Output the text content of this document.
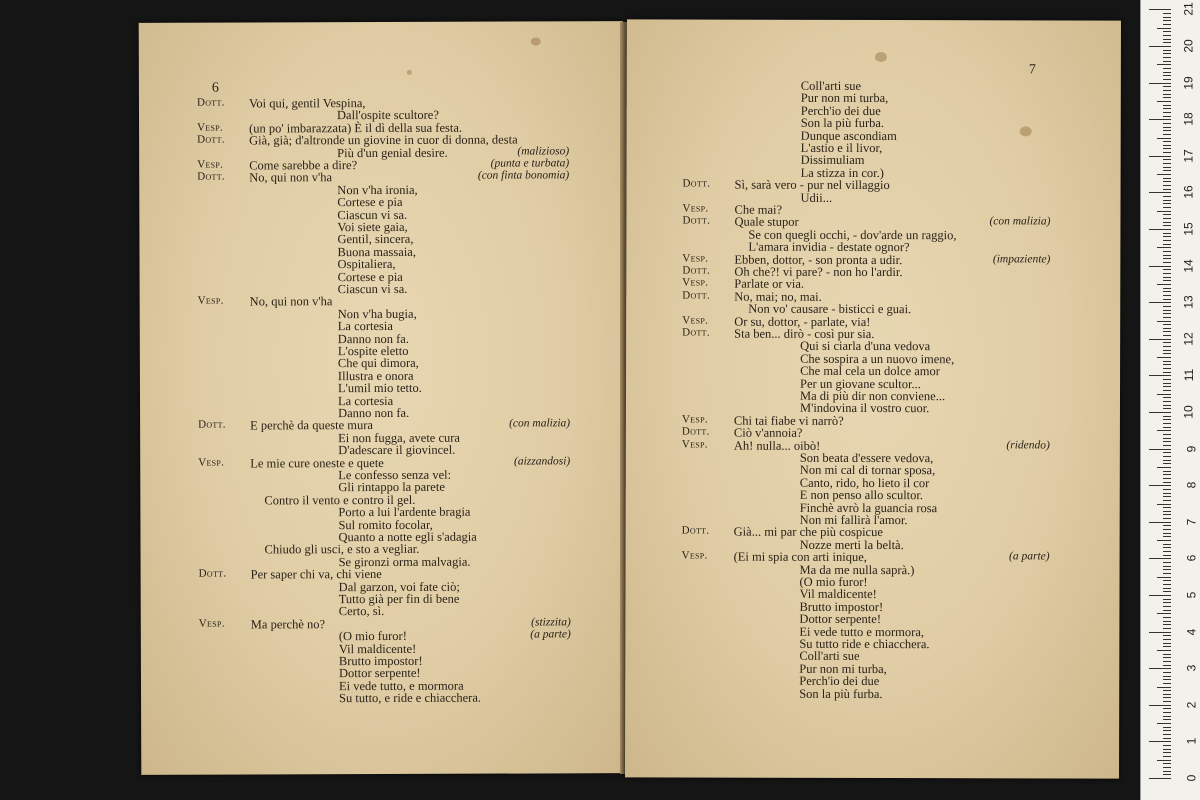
6
Dott. Voi qui, gentil Vespina,
Dall'ospite scultore?
Vesp. (un po' imbarazzata) È il dì della sua festa.
Dott. Già, già; d'altronde un giovine in cuor di donna, desta
Più d'un genial desire.	(malizioso)
Vesp. Come sarebbe a dire?	(punta e turbata)
Dott. No, qui non v'ha	(con finta bonomia)
Non v'ha ironia,
Cortese e pia
Ciascun vi sa.
Voi siete gaia,
Gentil, sincera,
Buona massaia,
Ospitaliera,
Cortese e pia
Ciascun vi sa.
Vesp. No, qui non v'ha
Non v'ha bugia,
La cortesia
Danno non fa.
L'ospite eletto
Che qui dimora,
Illustra e onora
L'umil mio tetto.
La cortesia
Danno non fa.
Dott. E perchè da queste mura	(con malizia)
Ei non fugga, avete cura
D'adescare il giovincel.
Vesp. Le mie cure oneste e quete	(aizzandosi)
Le confesso senza vel:
Gli rintappo la parete
Contro il vento e contro il gel.
Porto a lui l'ardente bragia
Sul romito focolar,
Quanto a notte egli s'adagia
Chiudo gli usci, e sto a vegliar.
Se gironzi orma malvagia.
Dott. Per saper chi va, chi viene
Dal garzon, voi fate ciò;
Tutto già per fin di bene
Certo, sì.
Vesp. Ma perchè no?	(stizzita)
(O mio furor!	(a parte)
Vil maldicente!
Brutto impostor!
Dottor serpente!
Ei vede tutto, e mormora
Su tutto, e ride e chiacchera.
7
Coll'arti sue
Pur non mi turba,
Perch'io dei due
Son la più furba.
Dunque ascondiam
L'astio e il livor,
Dissimuliam
La stizza in cor.)
Dott. Sì, sarà vero - pur nel villaggio
Udii...
Vesp. Che mai?
Dott. Quale stupor	(con malizia)
Se con quegli occhi, - dov'arde un raggio,
L'amara invidia - destate ognor?
Vesp. Ebben, dottor, - son pronta a udir.	(impaziente)
Dott. Oh che?! vi pare? - non ho l'ardir.
Vesp. Parlate or via.
Dott. No, mai; no, mai.
Non vo' causare - bisticci e guai.
Vesp. Or su, dottor, - parlate, via!
Dott. Sta ben... dirò - così pur sia.
Qui si ciarla d'una vedova
Che sospira a un nuovo imene,
Che mal cela un dolce amor
Per un giovane scultor...
Ma di più dir non conviene...
M'indovina il vostro cuor.
Vesp. Chi tai fiabe vi narrò?
Dott. Ciò v'annoia?
Vesp. Ah! nulla... oibò!	(ridendo)
Son beata d'essere vedova,
Non mi cal di tornar sposa,
Canto, rido, ho lieto il cor
E non penso allo scultor.
Finchè avrò la guancia rosa
Non mi fallirà l'amor.
Dott. Già... mi par che più cospicue
Nozze merti la beltà.
Vesp. (Ei mi spia con arti inique,	(a parte)
Ma da me nulla saprà.)
(O mio furor!
Vil maldicente!
Brutto impostor!
Dottor serpente!
Ei vede tutto e mormora,
Su tutto ride e chiacchera.
Coll'arti sue
Pur non mi turba,
Perch'io dei due
Son la più furba.
0
1
2
3
4
5
6
7
8
9
10
11
12
13
14
15
16
17
18
19
20
21
